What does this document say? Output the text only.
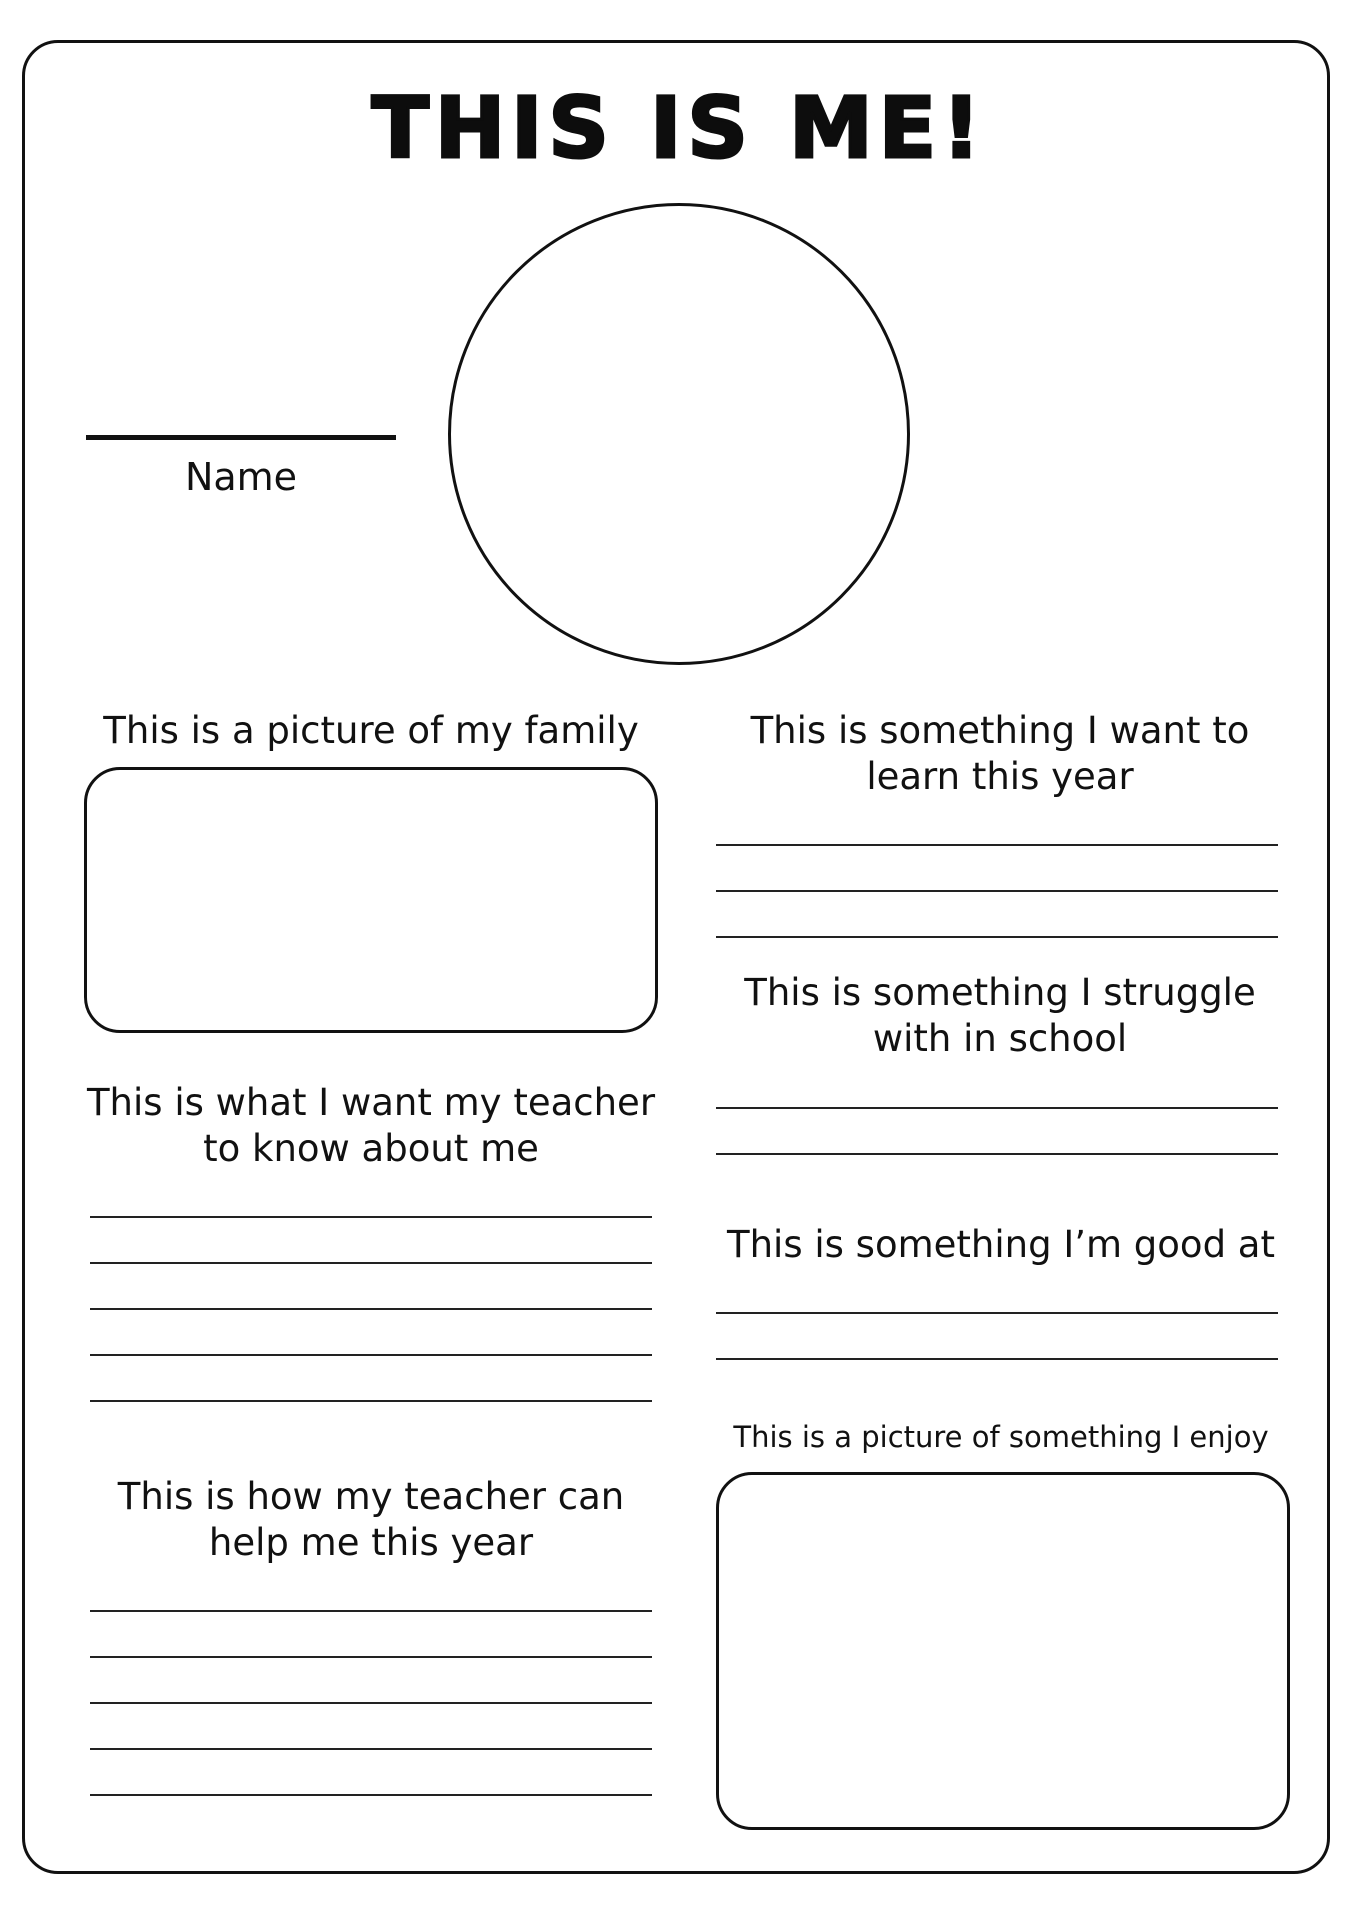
THIS IS ME!
Name

This is a picture of my family

This is what I want my teacher to know about me

This is how my teacher can help me this year

This is something I want to learn this year

This is something I struggle with in school

This is something I’m good at

This is a picture of something I enjoy
